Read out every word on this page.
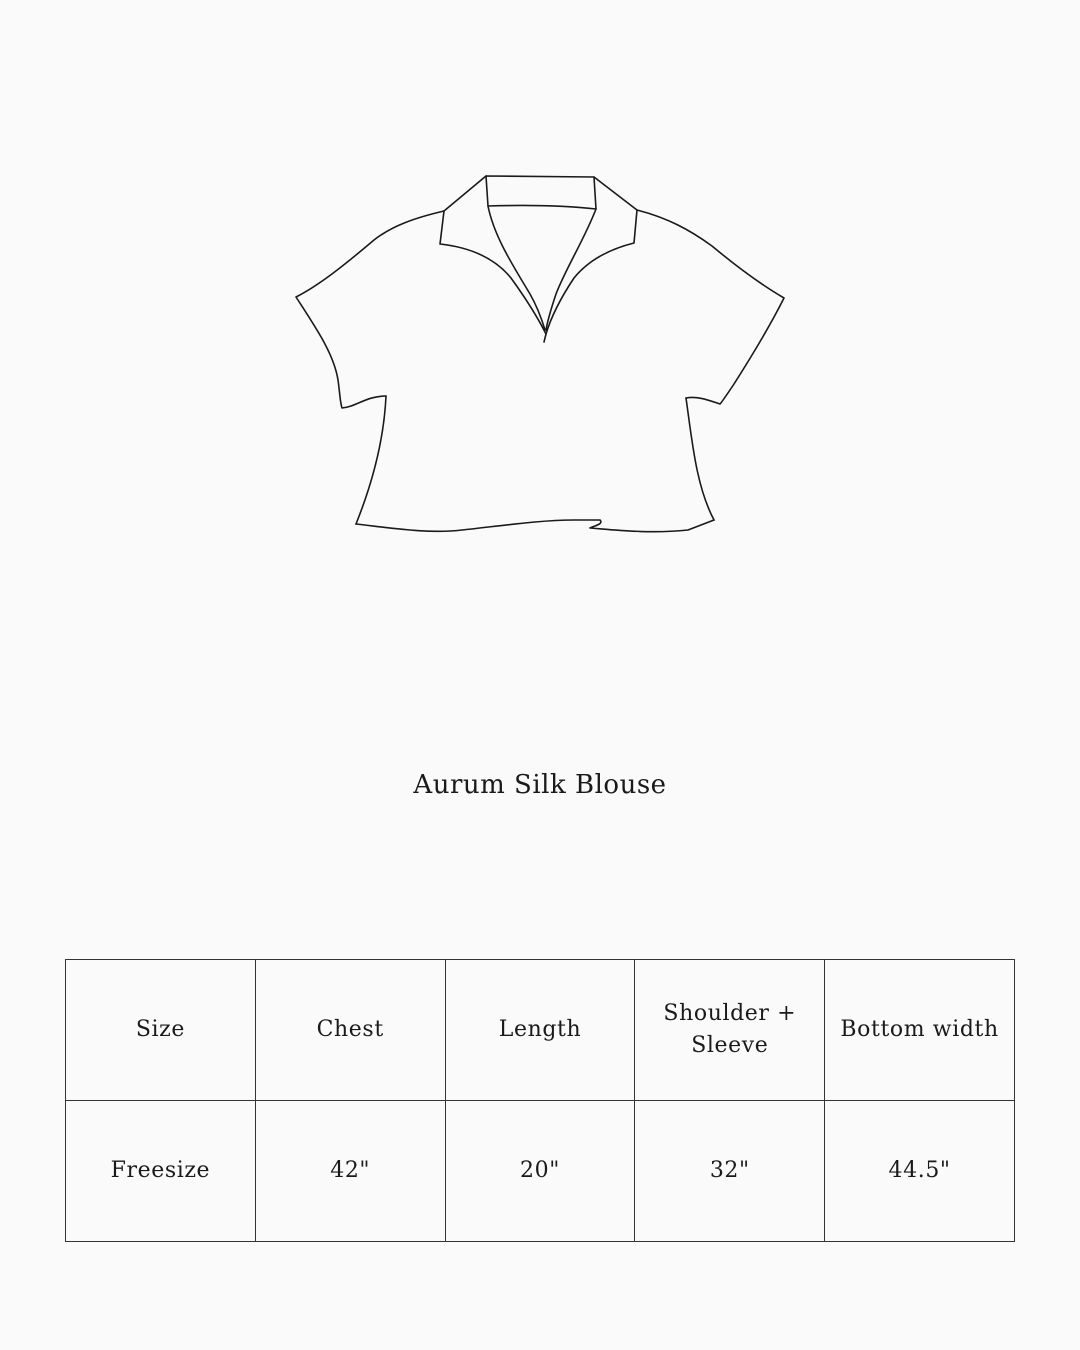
Aurum Silk Blouse
Size	Chest	Length	Shoulder + Sleeve	Bottom width
Freesize	42"	20"	32"	44.5"
